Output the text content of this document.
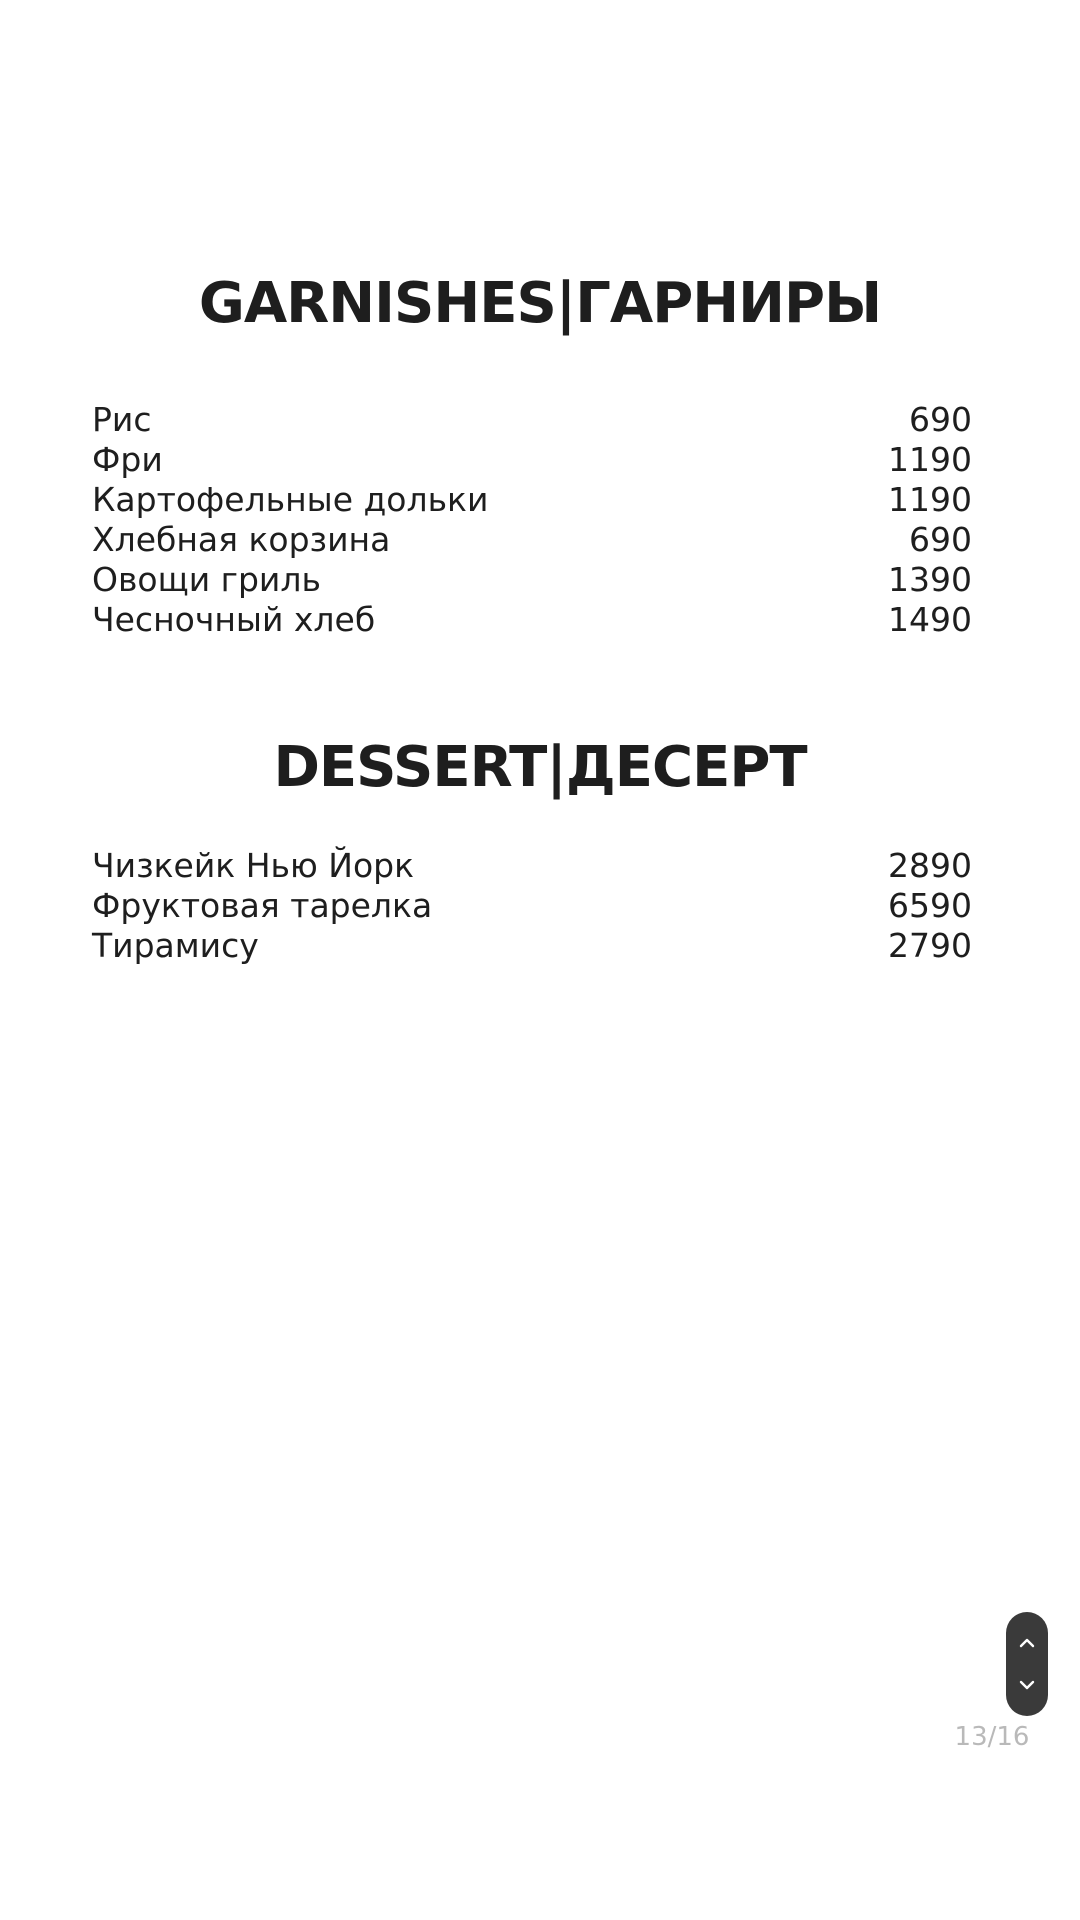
GARNISHES|ГАРНИРЫ
Рис	690
Фри	1190
Картофельные дольки	1190
Хлебная корзина	690
Овощи гриль	1390
Чесночный хлеб	1490
DESSERT|ДЕСЕРТ
Чизкейк Нью Йорк	2890
Фруктовая тарелка	6590
Тирамису	2790
13/16
